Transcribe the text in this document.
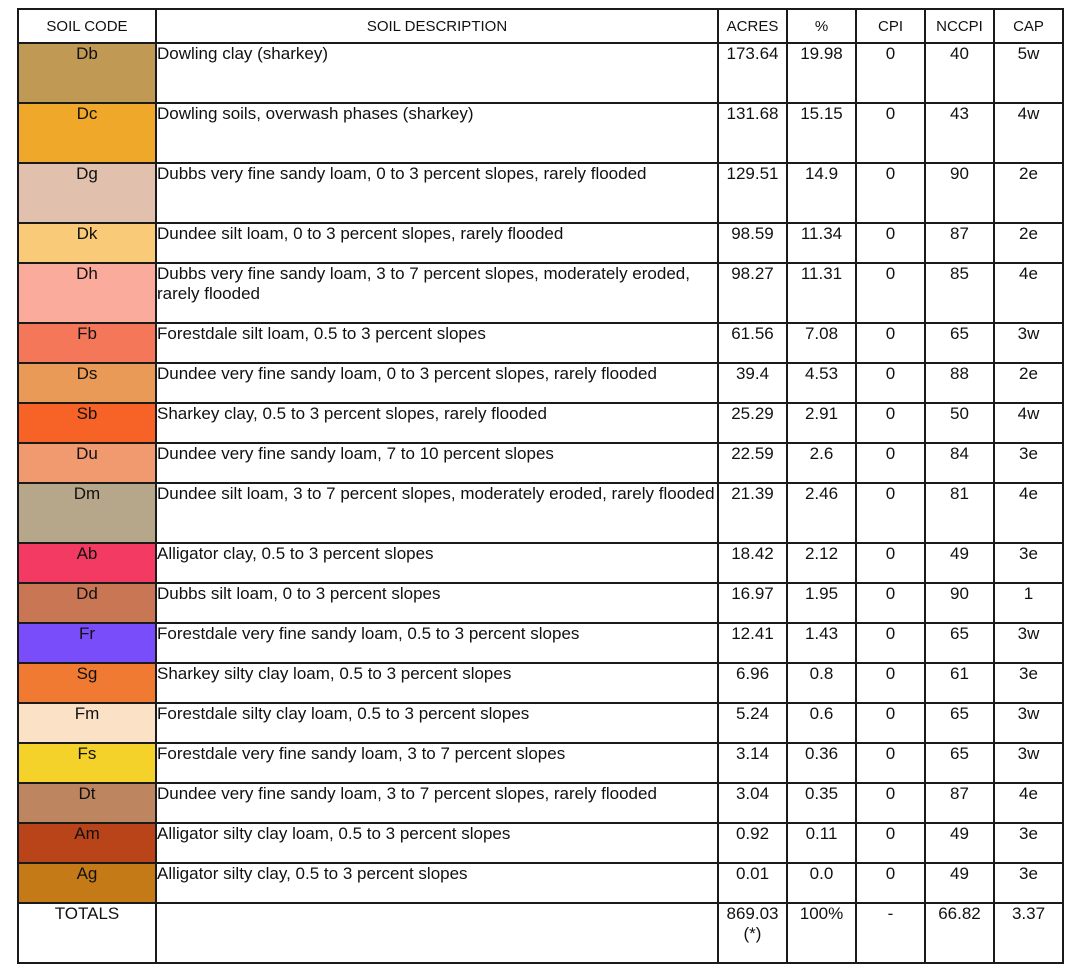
SOIL CODE	SOIL DESCRIPTION	ACRES	%	CPI	NCCPI	CAP
Db	Dowling clay (sharkey)	173.64	19.98	0	40	5w
Dc	Dowling soils, overwash phases (sharkey)	131.68	15.15	0	43	4w
Dg	Dubbs very fine sandy loam, 0 to 3 percent slopes, rarely flooded	129.51	14.9	0	90	2e
Dk	Dundee silt loam, 0 to 3 percent slopes, rarely flooded	98.59	11.34	0	87	2e
Dh	Dubbs very fine sandy loam, 3 to 7 percent slopes, moderately eroded, rarely flooded	98.27	11.31	0	85	4e
Fb	Forestdale silt loam, 0.5 to 3 percent slopes	61.56	7.08	0	65	3w
Ds	Dundee very fine sandy loam, 0 to 3 percent slopes, rarely flooded	39.4	4.53	0	88	2e
Sb	Sharkey clay, 0.5 to 3 percent slopes, rarely flooded	25.29	2.91	0	50	4w
Du	Dundee very fine sandy loam, 7 to 10 percent slopes	22.59	2.6	0	84	3e
Dm	Dundee silt loam, 3 to 7 percent slopes, moderately eroded, rarely flooded	21.39	2.46	0	81	4e
Ab	Alligator clay, 0.5 to 3 percent slopes	18.42	2.12	0	49	3e
Dd	Dubbs silt loam, 0 to 3 percent slopes	16.97	1.95	0	90	1
Fr	Forestdale very fine sandy loam, 0.5 to 3 percent slopes	12.41	1.43	0	65	3w
Sg	Sharkey silty clay loam, 0.5 to 3 percent slopes	6.96	0.8	0	61	3e
Fm	Forestdale silty clay loam, 0.5 to 3 percent slopes	5.24	0.6	0	65	3w
Fs	Forestdale very fine sandy loam, 3 to 7 percent slopes	3.14	0.36	0	65	3w
Dt	Dundee very fine sandy loam, 3 to 7 percent slopes, rarely flooded	3.04	0.35	0	87	4e
Am	Alligator silty clay loam, 0.5 to 3 percent slopes	0.92	0.11	0	49	3e
Ag	Alligator silty clay, 0.5 to 3 percent slopes	0.01	0.0	0	49	3e
TOTALS		869.03(*)	100%	-	66.82	3.37
